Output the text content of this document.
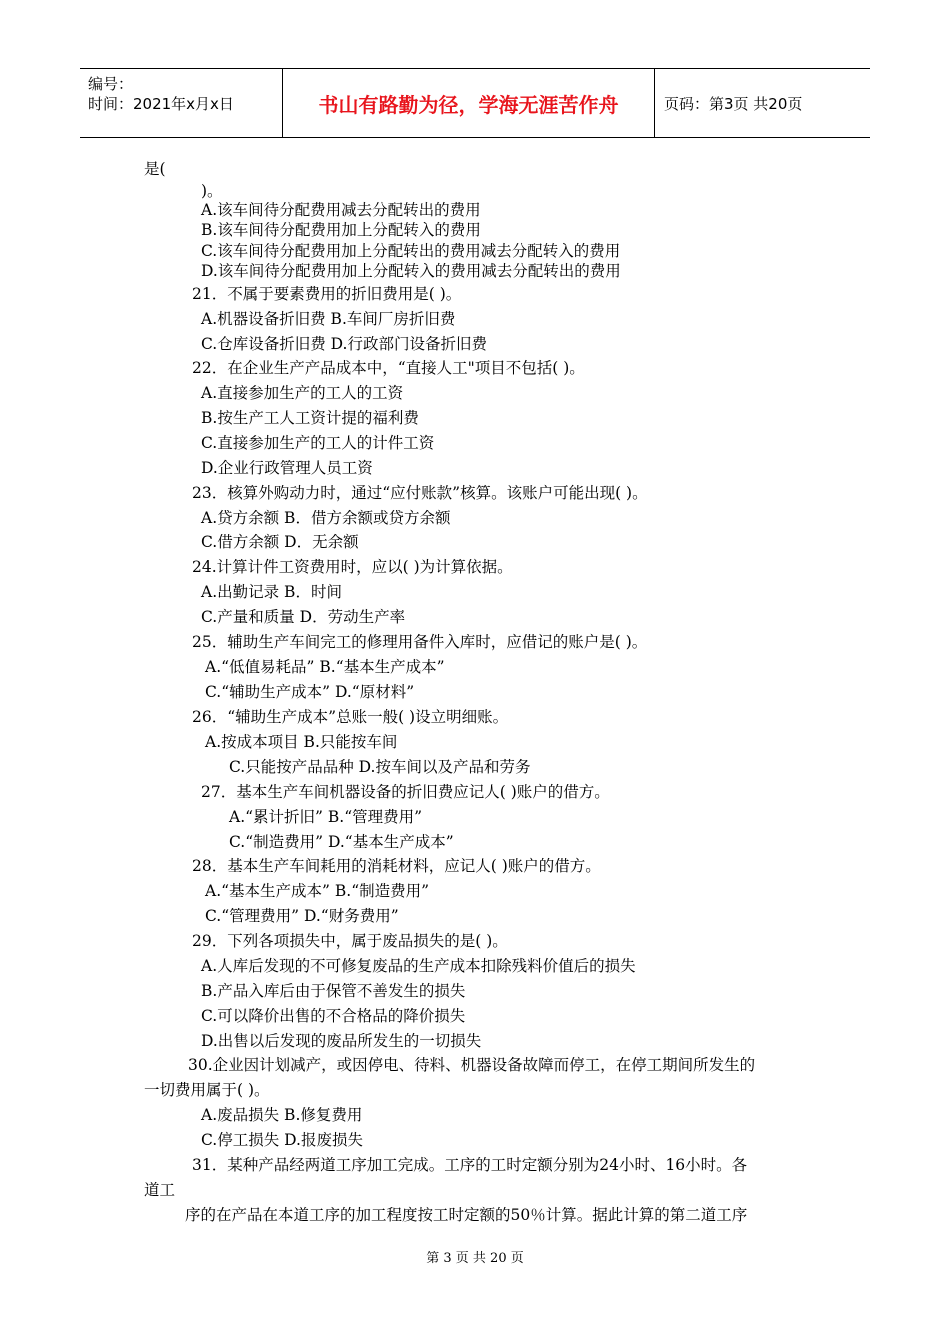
编号：
时间：2021年x月x日	书山有路勤为径，学海无涯苦作舟	页码：第3页 共20页
是(
)。
A.该车间待分配费用减去分配转出的费用
B.该车间待分配费用加上分配转入的费用
C.该车间待分配费用加上分配转出的费用减去分配转入的费用
D.该车间待分配费用加上分配转入的费用减去分配转出的费用
21．不属于要素费用的折旧费用是( )。
A.机器设备折旧费 B.车间厂房折旧费
C.仓库设备折旧费 D.行政部门设备折旧费
22．在企业生产产品成本中，“直接人工"项目不包括( )。
A.直接参加生产的工人的工资
B.按生产工人工资计提的福利费
C.直接参加生产的工人的计件工资
D.企业行政管理人员工资
23．核算外购动力时，通过“应付账款”核算。该账户可能出现( )。
A.贷方余额 B．借方余额或贷方余额
C.借方余额 D．无余额
24.计算计件工资费用时，应以( )为计算依据。
A.出勤记录 B．时间
C.产量和质量 D．劳动生产率
25．辅助生产车间完工的修理用备件入库时，应借记的账户是( )。
A.“低值易耗品” B.“基本生产成本”
C.“辅助生产成本” D.“原材料”
26．“辅助生产成本”总账一般( )设立明细账。
A.按成本项目 B.只能按车间
C.只能按产品品种 D.按车间以及产品和劳务
27．基本生产车间机器设备的折旧费应记人( )账户的借方。
A.“累计折旧” B.“管理费用”
C.“制造费用” D.“基本生产成本”
28．基本生产车间耗用的消耗材料，应记人( )账户的借方。
A.“基本生产成本” B.“制造费用”
C.“管理费用” D.“财务费用”
29．下列各项损失中，属于废品损失的是( )。
A.人库后发现的不可修复废品的生产成本扣除残料价值后的损失
B.产品入库后由于保管不善发生的损失
C.可以降价出售的不合格品的降价损失
D.出售以后发现的废品所发生的一切损失
30.企业因计划减产，或因停电、待料、机器设备故障而停工，在停工期间所发生的
一切费用属于( )。
A.废品损失 B.修复费用
C.停工损失 D.报废损失
31．某种产品经两道工序加工完成。工序的工时定额分别为24小时、16小时。各
道工
序的在产品在本道工序的加工程度按工时定额的50％计算。据此计算的第二道工序
第 3 页 共 20 页
